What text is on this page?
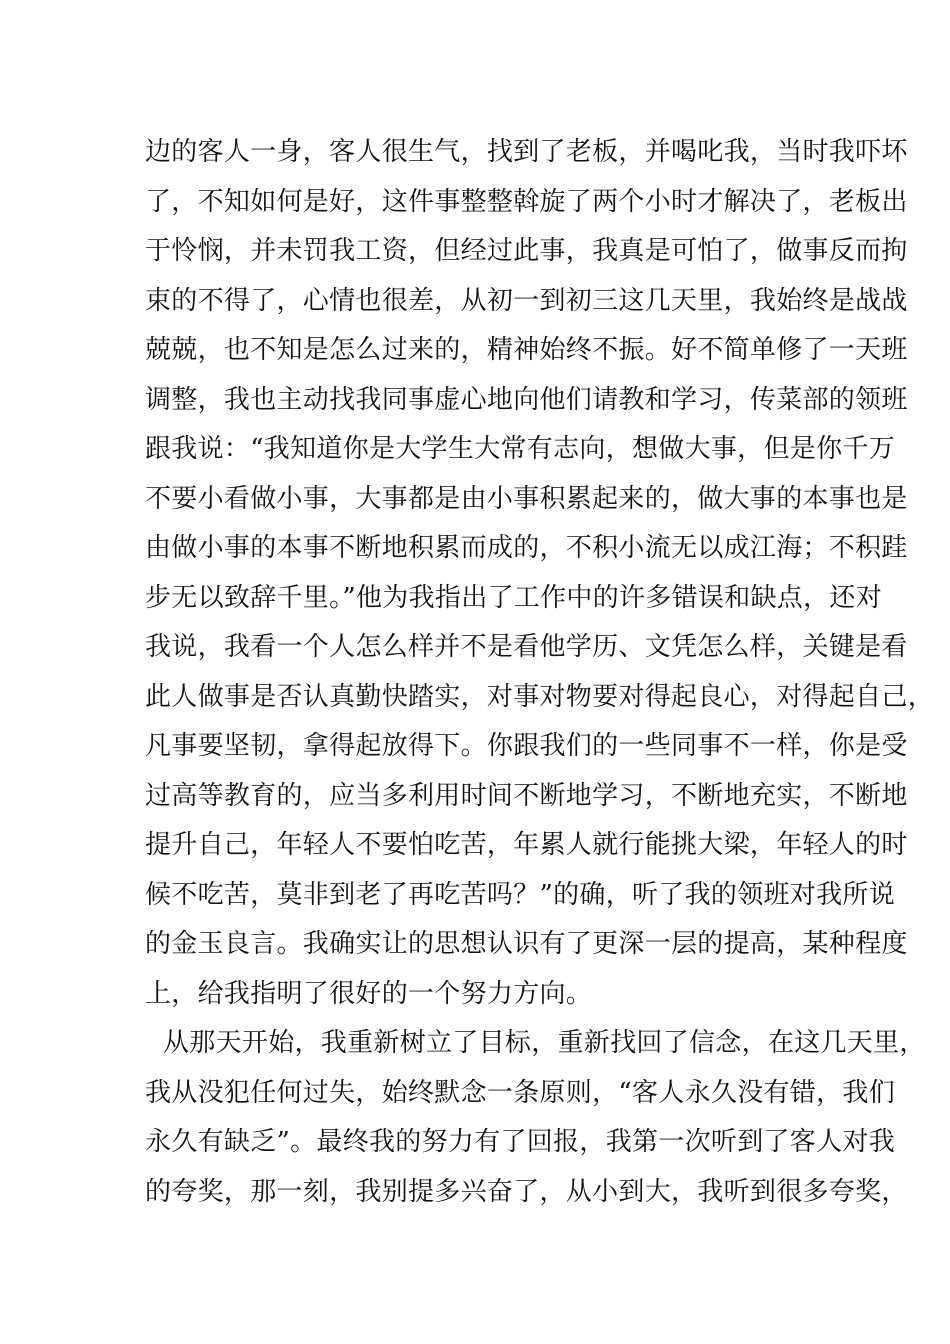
边的客人一身，客人很生气，找到了老板，并喝叱我，当时我吓坏
了，不知如何是好，这件事整整斡旋了两个小时才解决了，老板出
于怜悯，并未罚我工资，但经过此事，我真是可怕了，做事反而拘
束的不得了，心情也很差，从初一到初三这几天里，我始终是战战
兢兢，也不知是怎么过来的，精神始终不振。好不简单修了一天班
调整，我也主动找我同事虚心地向他们请教和学习，传菜部的领班
跟我说：“我知道你是大学生大常有志向，想做大事，但是你千万
不要小看做小事，大事都是由小事积累起来的，做大事的本事也是
由做小事的本事不断地积累而成的，不积小流无以成江海；不积跬
步无以致辞千里。”他为我指出了工作中的许多错误和缺点，还对
我说，我看一个人怎么样并不是看他学历、文凭怎么样，关键是看
此人做事是否认真勤快踏实，对事对物要对得起良心，对得起自己，
凡事要坚韧，拿得起放得下。你跟我们的一些同事不一样，你是受
过高等教育的，应当多利用时间不断地学习，不断地充实，不断地
提升自己，年轻人不要怕吃苦，年累人就行能挑大梁，年轻人的时
候不吃苦，莫非到老了再吃苦吗？”的确，听了我的领班对我所说
的金玉良言。我确实让的思想认识有了更深一层的提高，某种程度
上，给我指明了很好的一个努力方向。
从那天开始，我重新树立了目标，重新找回了信念，在这几天里，
我从没犯任何过失，始终默念一条原则，“客人永久没有错，我们
永久有缺乏”。最终我的努力有了回报，我第一次听到了客人对我
的夸奖，那一刻，我别提多兴奋了，从小到大，我听到很多夸奖，
